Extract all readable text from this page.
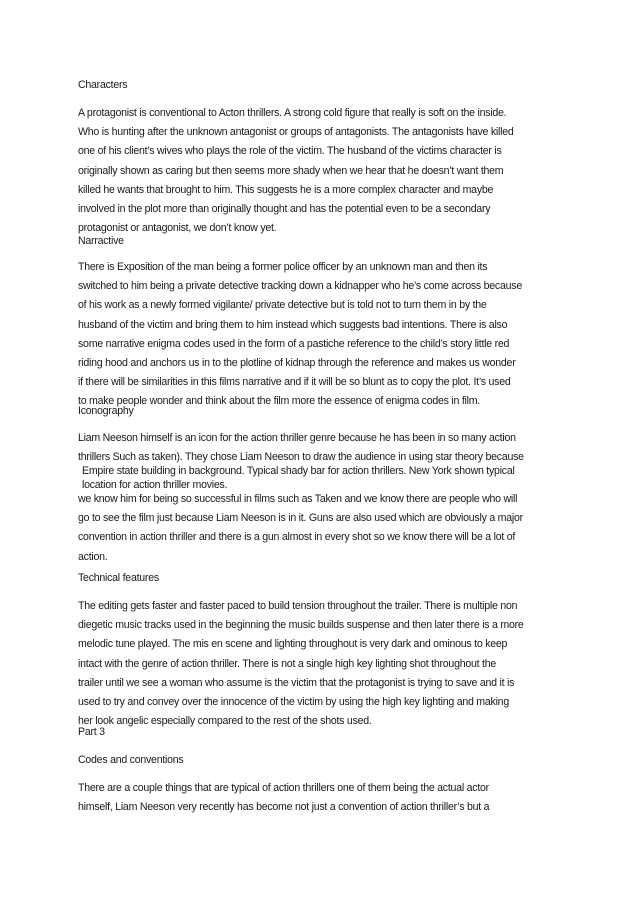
Characters

A protagonist is conventional to Acton thrillers. A strong cold figure that really is soft on the inside.
Who is hunting after the unknown antagonist or groups of antagonists. The antagonists have killed
one of his client’s wives who plays the role of the victim. The husband of the victims character is
originally shown as caring but then seems more shady when we hear that he doesn’t want them
killed he wants that brought to him. This suggests he is a more complex character and maybe
involved in the plot more than originally thought and has the potential even to be a secondary
protagonist or antagonist, we don’t know yet.

Narractive

There is Exposition of the man being a former police officer by an unknown man and then its
switched to him being a private detective tracking down a kidnapper who he’s come across because
of his work as a newly formed vigilante/ private detective but is told not to turn them in by the
husband of the victim and bring them to him instead which suggests bad intentions. There is also
some narrative enigma codes used in the form of a pastiche reference to the child’s story little red
riding hood and anchors us in to the plotline of kidnap through the reference and makes us wonder
if there will be similarities in this films narrative and if it will be so blunt as to copy the plot. It’s used
to make people wonder and think about the film more the essence of enigma codes in film.

Iconography

Liam Neeson himself is an icon for the action thriller genre because he has been in so many action
thrillers Such as taken). They chose Liam Neeson to draw the audience in using star theory because

Empire state building in background. Typical shady bar for action thrillers. New York shown typical
location for action thriller movies.

we know him for being so successful in films such as Taken and we know there are people who will
go to see the film just because Liam Neeson is in it. Guns are also used which are obviously a major
convention in action thriller and there is a gun almost in every shot so we know there will be a lot of
action.

Technical features

The editing gets faster and faster paced to build tension throughout the trailer. There is multiple non
diegetic music tracks used in the beginning the music builds suspense and then later there is a more
melodic tune played. The mis en scene and lighting throughout is very dark and ominous to keep
intact with the genre of action thriller. There is not a single high key lighting shot throughout the
trailer until we see a woman who assume is the victim that the protagonist is trying to save and it is
used to try and convey over the innocence of the victim by using the high key lighting and making
her look angelic especially compared to the rest of the shots used.

Part 3

Codes and conventions

There are a couple things that are typical of action thrillers one of them being the actual actor
himself, Liam Neeson very recently has become not just a convention of action thriller’s but a
